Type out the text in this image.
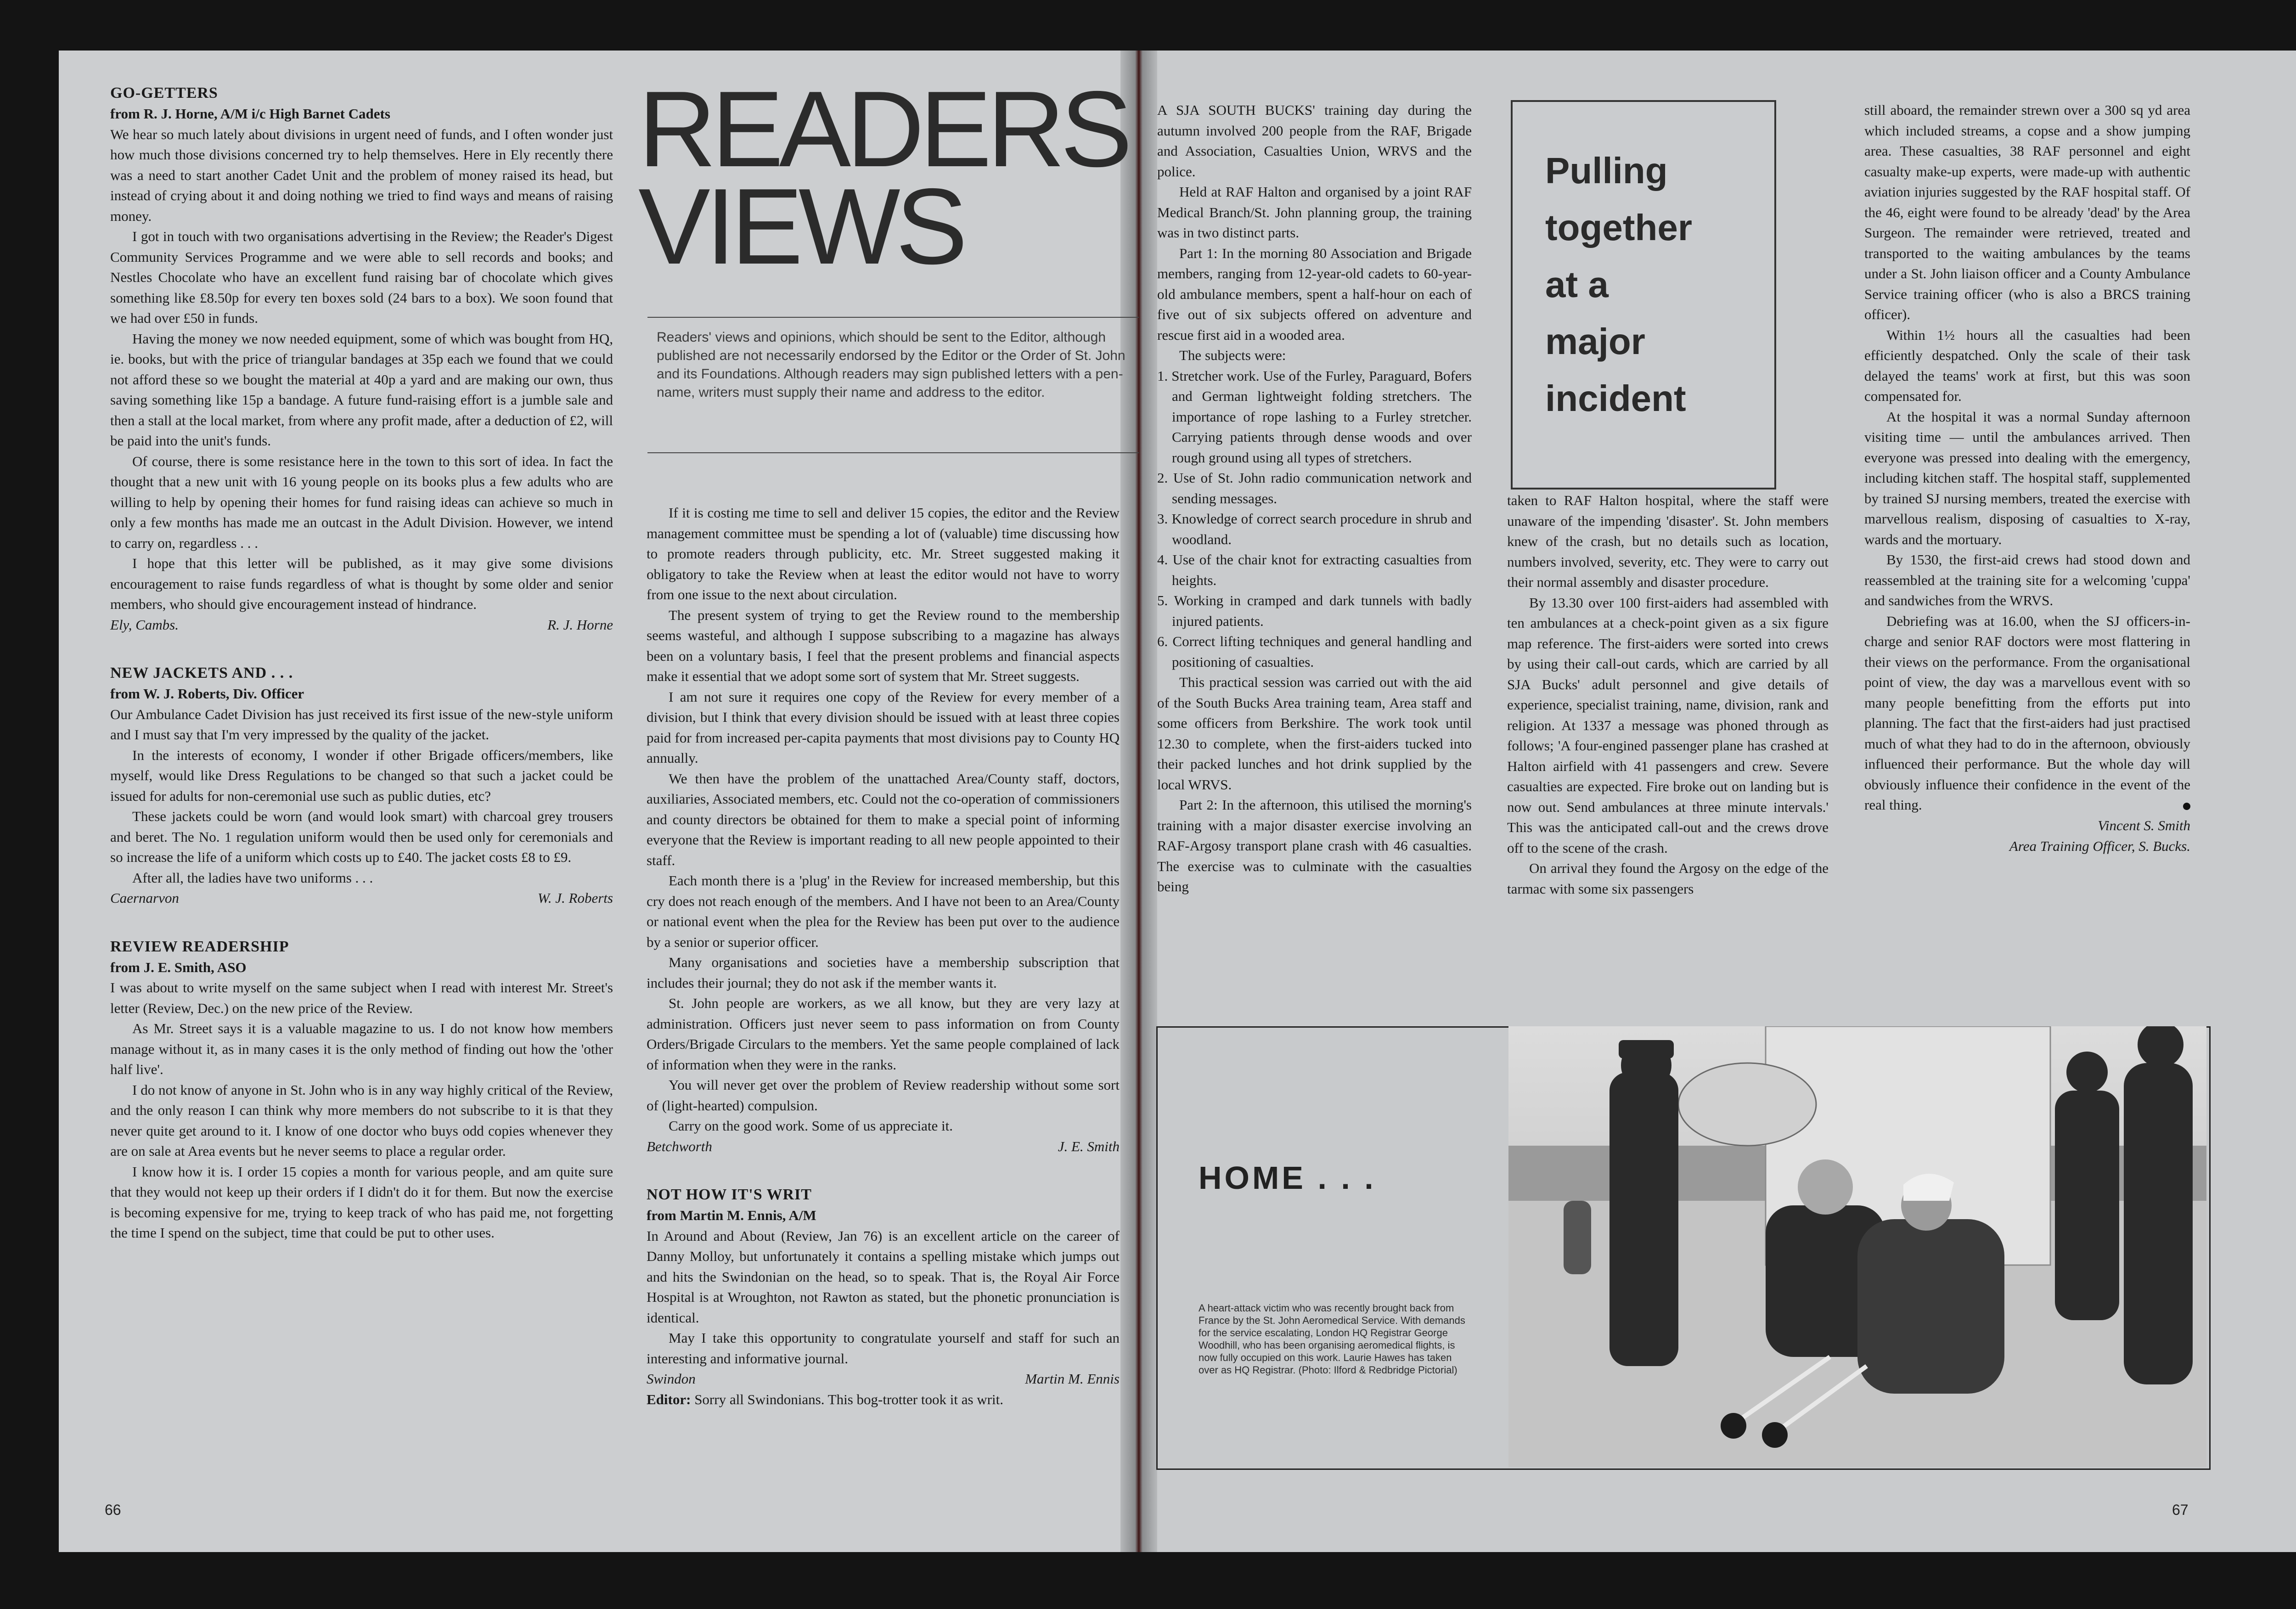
GO-GETTERS

from R. J. Horne, A/M i/c High Barnet Cadets

We hear so much lately about divisions in urgent need of funds, and I often wonder just how much those divisions concerned try to help themselves. Here in Ely recently there was a need to start another Cadet Unit and the problem of money raised its head, but instead of crying about it and doing nothing we tried to find ways and means of raising money.

I got in touch with two organisations advertising in the Review; the Reader's Digest Community Services Programme and we were able to sell records and books; and Nestles Chocolate who have an excellent fund raising bar of chocolate which gives something like £8.50p for every ten boxes sold (24 bars to a box). We soon found that we had over £50 in funds.

Having the money we now needed equipment, some of which was bought from HQ, ie. books, but with the price of triangular bandages at 35p each we found that we could not afford these so we bought the material at 40p a yard and are making our own, thus saving something like 15p a bandage. A future fund-raising effort is a jumble sale and then a stall at the local market, from where any profit made, after a deduction of £2, will be paid into the unit's funds.

Of course, there is some resistance here in the town to this sort of idea. In fact the thought that a new unit with 16 young people on its books plus a few adults who are willing to help by opening their homes for fund raising ideas can achieve so much in only a few months has made me an outcast in the Adult Division. However, we intend to carry on, regardless . . .

I hope that this letter will be published, as it may give some divisions encouragement to raise funds regardless of what is thought by some older and senior members, who should give encouragement instead of hindrance.

Ely, Cambs.	R. J. Horne

NEW JACKETS AND . . .

from W. J. Roberts, Div. Officer

Our Ambulance Cadet Division has just received its first issue of the new-style uniform and I must say that I'm very impressed by the quality of the jacket.

In the interests of economy, I wonder if other Brigade officers/members, like myself, would like Dress Regulations to be changed so that such a jacket could be issued for adults for non-ceremonial use such as public duties, etc?

These jackets could be worn (and would look smart) with charcoal grey trousers and beret. The No. 1 regulation uniform would then be used only for ceremonials and so increase the life of a uniform which costs up to £40. The jacket costs £8 to £9.

After all, the ladies have two uniforms . . .

Caernarvon	W. J. Roberts

REVIEW READERSHIP

from J. E. Smith, ASO

I was about to write myself on the same subject when I read with interest Mr. Street's letter (Review, Dec.) on the new price of the Review.

As Mr. Street says it is a valuable magazine to us. I do not know how members manage without it, as in many cases it is the only method of finding out how the 'other half live'.

I do not know of anyone in St. John who is in any way highly critical of the Review, and the only reason I can think why more members do not subscribe to it is that they never quite get around to it. I know of one doctor who buys odd copies whenever they are on sale at Area events but he never seems to place a regular order.

I know how it is. I order 15 copies a month for various people, and am quite sure that they would not keep up their orders if I didn't do it for them. But now the exercise is becoming expensive for me, trying to keep track of who has paid me, not forgetting the time I spend on the subject, time that could be put to other uses.

READERS
VIEWS
Readers' views and opinions, which should be sent to the Editor, although published are not necessarily endorsed by the Editor or the Order of St. John and its Foundations. Although readers may sign published letters with a pen-name, writers must supply their name and address to the editor.

If it is costing me time to sell and deliver 15 copies, the editor and the Review management committee must be spending a lot of (valuable) time discussing how to promote readers through publicity, etc. Mr. Street suggested making it obligatory to take the Review when at least the editor would not have to worry from one issue to the next about circulation.

The present system of trying to get the Review round to the membership seems wasteful, and although I suppose subscribing to a magazine has always been on a voluntary basis, I feel that the present problems and financial aspects make it essential that we adopt some sort of system that Mr. Street suggests.

I am not sure it requires one copy of the Review for every member of a division, but I think that every division should be issued with at least three copies paid for from increased per-capita payments that most divisions pay to County HQ annually.

We then have the problem of the unattached Area/County staff, doctors, auxiliaries, Associated members, etc. Could not the co-operation of commissioners and county directors be obtained for them to make a special point of informing everyone that the Review is important reading to all new people appointed to their staff.

Each month there is a 'plug' in the Review for increased membership, but this cry does not reach enough of the members. And I have not been to an Area/County or national event when the plea for the Review has been put over to the audience by a senior or superior officer.

Many organisations and societies have a membership subscription that includes their journal; they do not ask if the member wants it.

St. John people are workers, as we all know, but they are very lazy at administration. Officers just never seem to pass information on from County Orders/Brigade Circulars to the members. Yet the same people complained of lack of information when they were in the ranks.

You will never get over the problem of Review readership without some sort of (light-hearted) compulsion.

Carry on the good work. Some of us appreciate it.

Betchworth	J. E. Smith

NOT HOW IT'S WRIT

from Martin M. Ennis, A/M

In Around and About (Review, Jan 76) is an excellent article on the career of Danny Molloy, but unfortunately it contains a spelling mistake which jumps out and hits the Swindonian on the head, so to speak. That is, the Royal Air Force Hospital is at Wroughton, not Rawton as stated, but the phonetic pronunciation is identical.

May I take this opportunity to congratulate yourself and staff for such an interesting and informative journal.

Swindon	Martin M. Ennis

Editor: Sorry all Swindonians. This bog-trotter took it as writ.

66

A SJA SOUTH BUCKS' training day during the autumn involved 200 people from the RAF, Brigade and Association, Casualties Union, WRVS and the police.

Held at RAF Halton and organised by a joint RAF Medical Branch/St. John planning group, the training was in two distinct parts.

Part 1: In the morning 80 Association and Brigade members, ranging from 12-year-old cadets to 60-year-old ambulance members, spent a half-hour on each of five out of six subjects offered on adventure and rescue first aid in a wooded area.

The subjects were:

1. Stretcher work. Use of the Furley, Paraguard, Bofers and German lightweight folding stretchers. The importance of rope lashing to a Furley stretcher. Carrying patients through dense woods and over rough ground using all types of stretchers.

2. Use of St. John radio communication network and sending messages.

3. Knowledge of correct search procedure in shrub and woodland.

4. Use of the chair knot for extracting casualties from heights.

5. Working in cramped and dark tunnels with badly injured patients.

6. Correct lifting techniques and general handling and positioning of casualties.

This practical session was carried out with the aid of the South Bucks Area training team, Area staff and some officers from Berkshire. The work took until 12.30 to complete, when the first-aiders tucked into their packed lunches and hot drink supplied by the local WRVS.

Part 2: In the afternoon, this utilised the morning's training with a major disaster exercise involving an RAF-Argosy transport plane crash with 46 casualties. The exercise was to culminate with the casualties being

Pulling
together
at a
major
incident

taken to RAF Halton hospital, where the staff were unaware of the impending 'disaster'. St. John members knew of the crash, but no details such as location, numbers involved, severity, etc. They were to carry out their normal assembly and disaster procedure.

By 13.30 over 100 first-aiders had assembled with ten ambulances at a check-point given as a six figure map reference. The first-aiders were sorted into crews by using their call-out cards, which are carried by all SJA Bucks' adult personnel and give details of experience, specialist training, name, division, rank and religion. At 1337 a message was phoned through as follows; 'A four-engined passenger plane has crashed at Halton airfield with 41 passengers and crew. Severe casualties are expected. Fire broke out on landing but is now out. Send ambulances at three minute intervals.' This was the anticipated call-out and the crews drove off to the scene of the crash.

On arrival they found the Argosy on the edge of the tarmac with some six passengers

still aboard, the remainder strewn over a 300 sq yd area which included streams, a copse and a show jumping area. These casualties, 38 RAF personnel and eight casualty make-up experts, were made-up with authentic aviation injuries suggested by the RAF hospital staff. Of the 46, eight were found to be already 'dead' by the Area Surgeon. The remainder were retrieved, treated and transported to the waiting ambulances by the teams under a St. John liaison officer and a County Ambulance Service training officer (who is also a BRCS training officer).

Within 1½ hours all the casualties had been efficiently despatched. Only the scale of their task delayed the teams' work at first, but this was soon compensated for.

At the hospital it was a normal Sunday afternoon visiting time — until the ambulances arrived. Then everyone was pressed into dealing with the emergency, including kitchen staff. The hospital staff, supplemented by trained SJ nursing members, treated the exercise with marvellous realism, disposing of casualties to X-ray, wards and the mortuary.

By 1530, the first-aid crews had stood down and reassembled at the training site for a welcoming 'cuppa' and sandwiches from the WRVS.

Debriefing was at 16.00, when the SJ officers-in-charge and senior RAF doctors were most flattering in their views on the performance. From the organisational point of view, the day was a marvellous event with so many people benefitting from the efforts put into planning. The fact that the first-aiders had just practised much of what they had to do in the afternoon, obviously influenced their performance. But the whole day will obviously influence their confidence in the event of the real thing.

Vincent S. Smith
Area Training Officer, S. Bucks.
HOME . . .
A heart-attack victim who was recently brought back from France by the St. John Aeromedical Service. With demands for the service escalating, London HQ Registrar George Woodhill, who has been organising aeromedical flights, is now fully occupied on this work. Laurie Hawes has taken over as HQ Registrar. (Photo: Ilford & Redbridge Pictorial)
67
